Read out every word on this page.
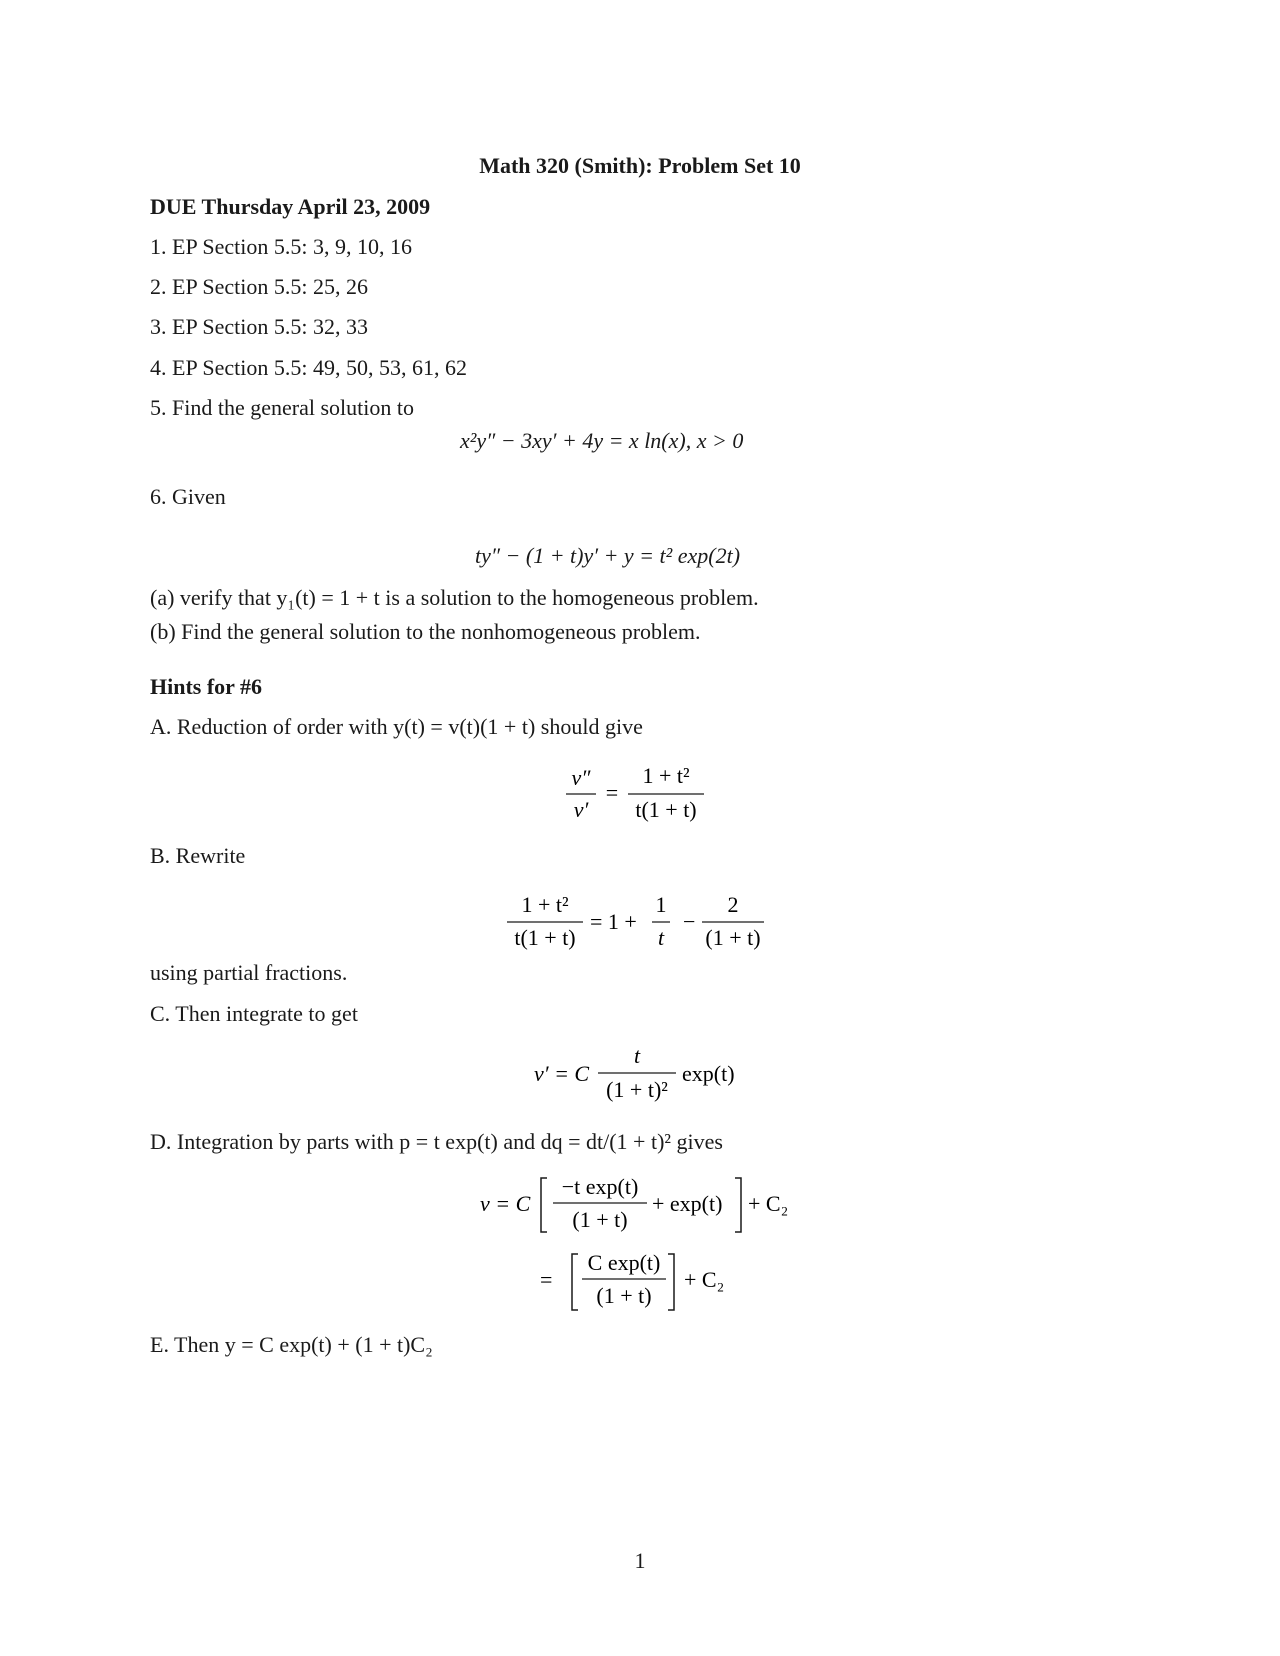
Math 320 (Smith): Problem Set 10
DUE Thursday April 23, 2009
1. EP Section 5.5: 3, 9, 10, 16
2. EP Section 5.5: 25, 26
3. EP Section 5.5: 32, 33
4. EP Section 5.5: 49, 50, 53, 61, 62
5. Find the general solution to
x²y″ − 3xy′ + 4y = x ln(x), x > 0
6. Given
ty″ − (1 + t)y′ + y = t² exp(2t)
(a) verify that y₁(t) = 1 + t is a solution to the homogeneous problem.
(b) Find the general solution to the nonhomogeneous problem.
Hints for #6
A. Reduction of order with y(t) = v(t)(1 + t) should give
v″
v′
=
1 + t²
t(1 + t)
1 + t²
t(1 + t)
= 1 +
1
t
−
2
(1 + t)
v′ = C
t
(1 + t)²
exp(t)
v = C
−t exp(t)
(1 + t)
+ exp(t) + C₂
=
C exp(t)
(1 + t)
+ C₂
B. Rewrite
using partial fractions.
C. Then integrate to get
D. Integration by parts with p = t exp(t) and dq = dt/(1 + t)² gives
E. Then y = C exp(t) + (1 + t)C₂
1
